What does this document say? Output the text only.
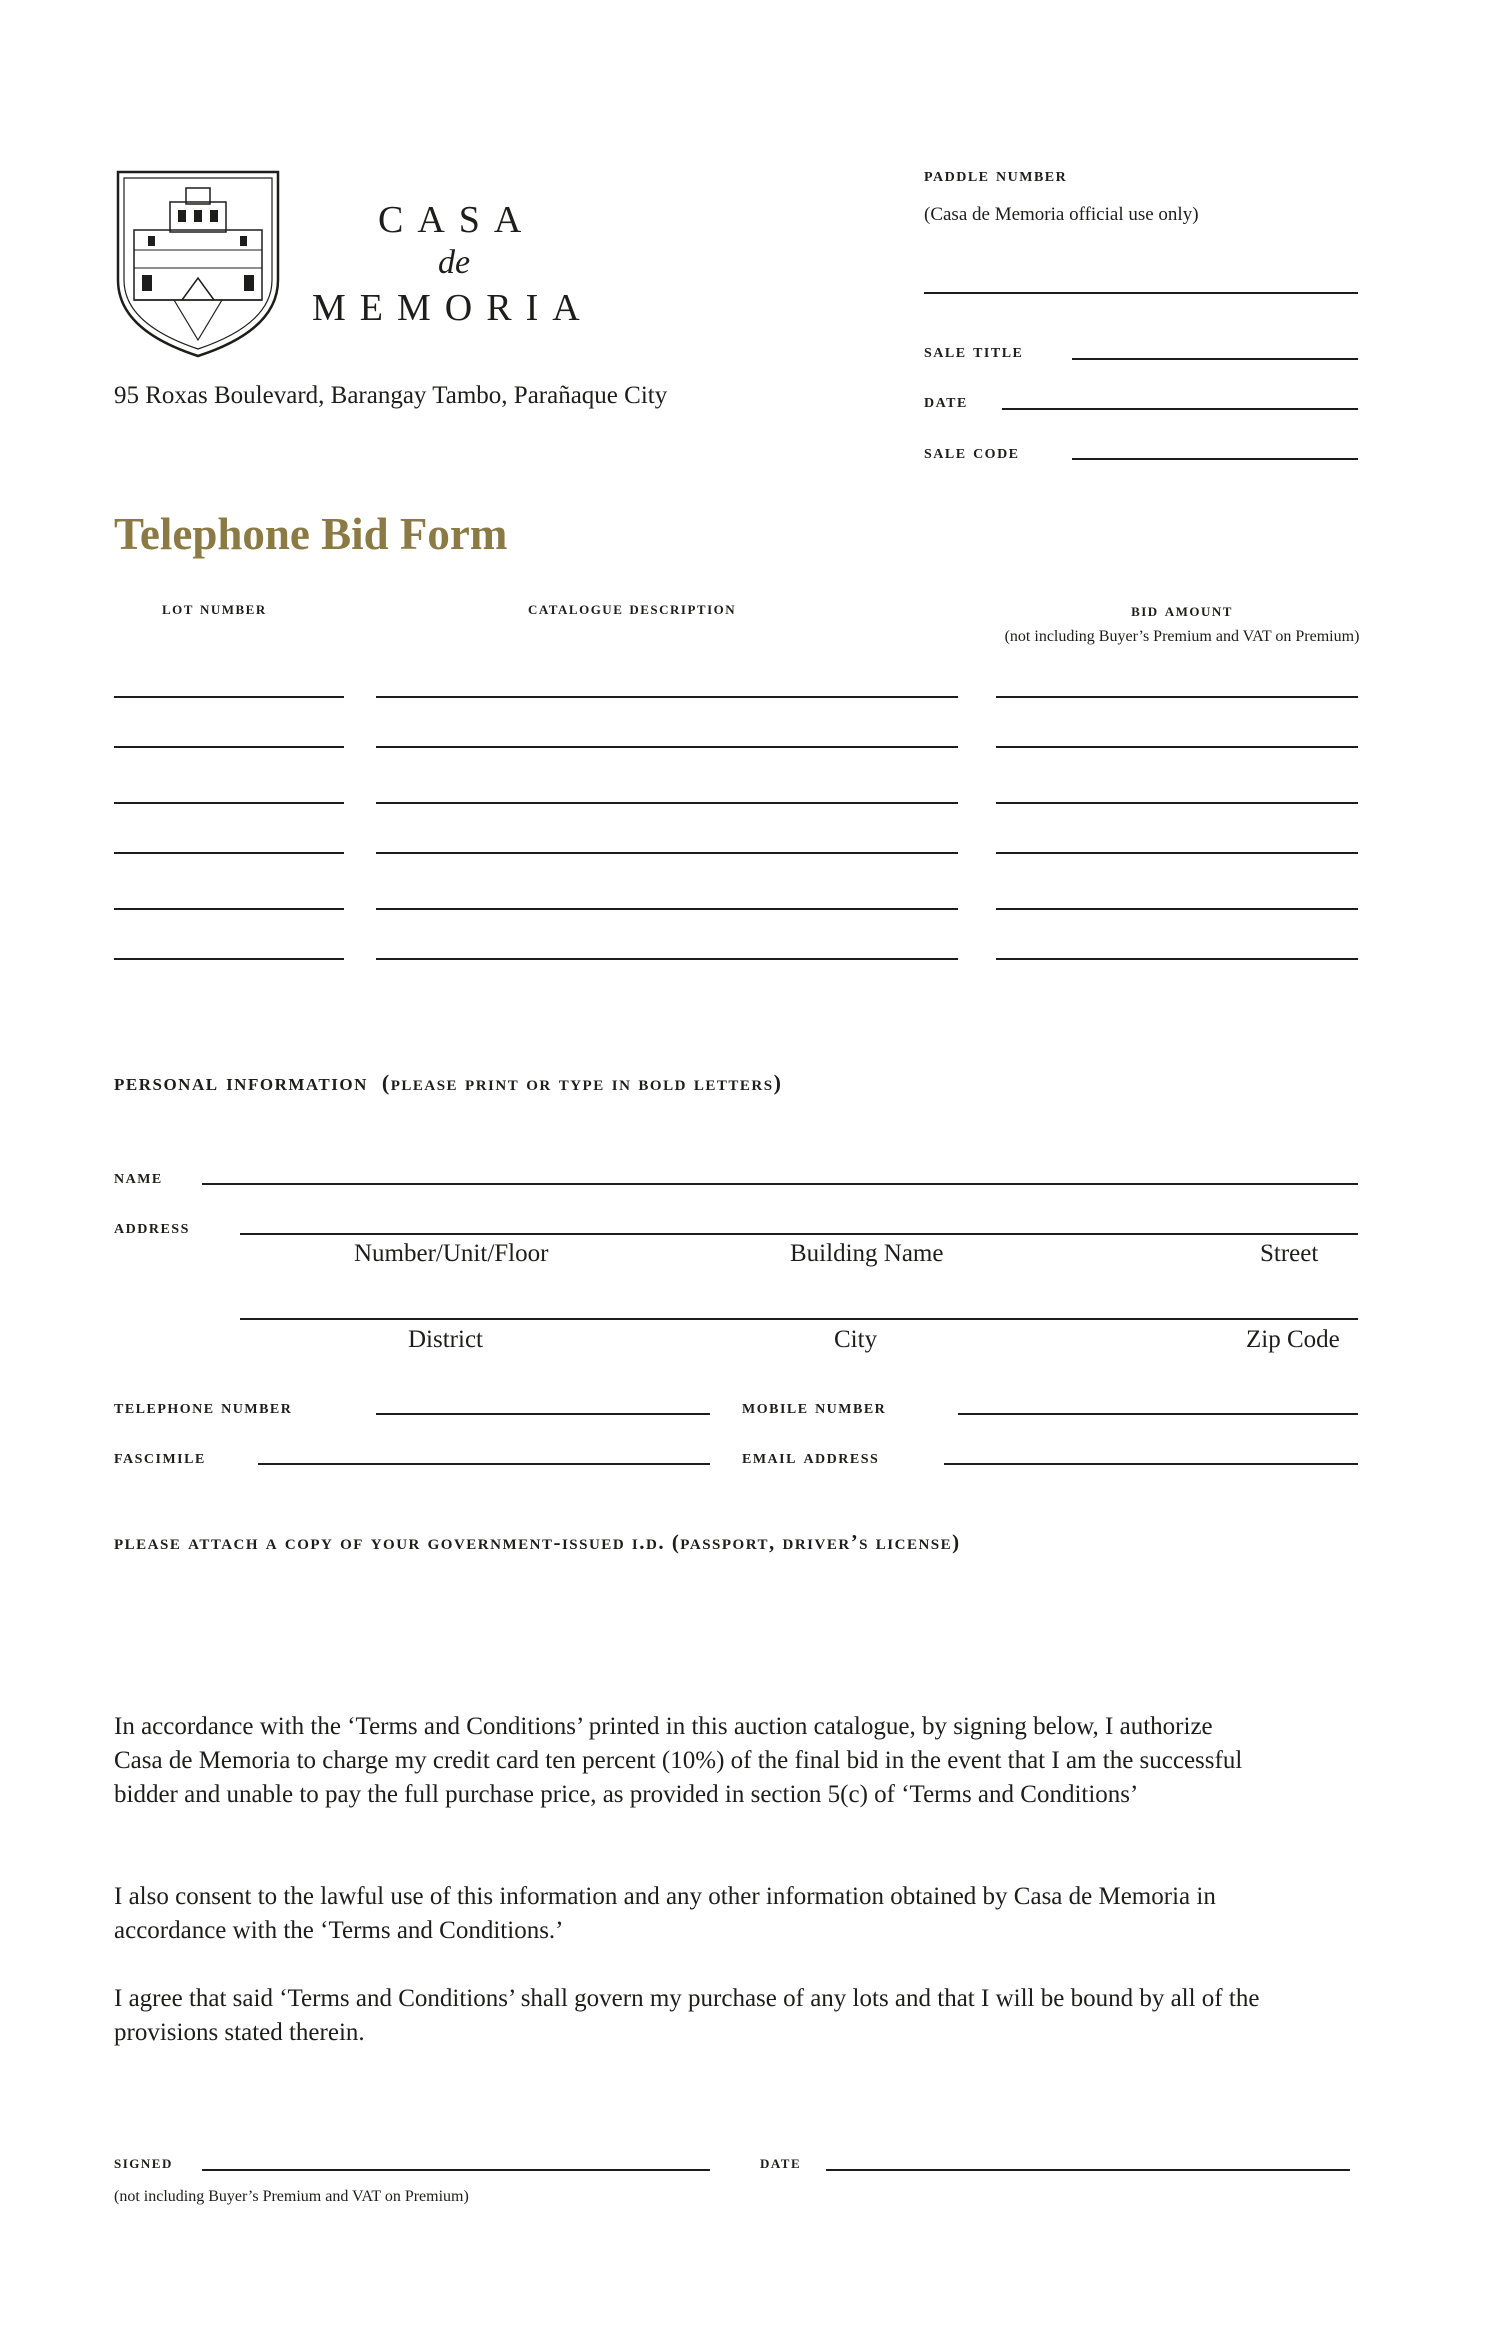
CASA
de
MEMORIA
95 Roxas Boulevard, Barangay Tambo, Parañaque City
paddle number
(Casa de Memoria official use only)
sale title
date
sale code
Telephone Bid Form
lot number	catalogue description	bid amount
(not including Buyer’s Premium and VAT on Premium)
personal information (please print or type in bold letters)
name
address
Number/Unit/Floor	Building Name	Street
District	City	Zip Code
telephone number	mobile number
fascimile	email address
please attach a copy of your government-issued i.d. (passport, driver’s license)
In accordance with the ‘Terms and Conditions’ printed in this auction catalogue, by signing below, I authorize Casa de Memoria to charge my credit card ten percent (10%) of the final bid in the event that I am the successful bidder and unable to pay the full purchase price, as provided in section 5(c) of ‘Terms and Conditions’
I also consent to the lawful use of this information and any other information obtained by Casa de Memoria in accordance with the ‘Terms and Conditions.’
I agree that said ‘Terms and Conditions’ shall govern my purchase of any lots and that I will be bound by all of the provisions stated therein.
signed	date
(not including Buyer’s Premium and VAT on Premium)
